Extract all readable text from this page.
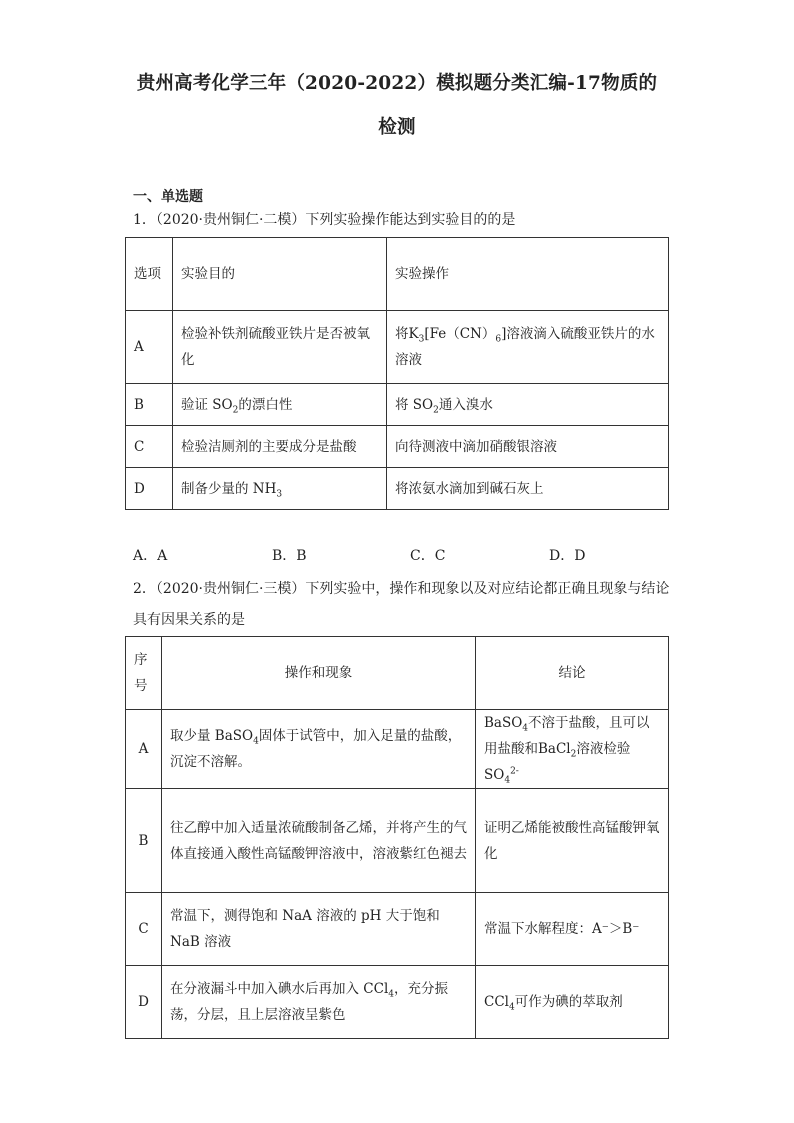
贵州高考化学三年（2020-2022）模拟题分类汇编-17物质的
检测
一、单选题
1．（2020·贵州铜仁·二模）下列实验操作能达到实验目的的是
选项	实验目的	实验操作
A	检验补铁剂硫酸亚铁片是否被氧化	将$K_3[Fe(CN)_6]$溶液滴入硫酸亚铁片的水溶液
B	验证 $SO_2$的漂白性	将 $SO_2$通入溴水
C	检验洁厕剂的主要成分是盐酸	向待测液中滴加硝酸银溶液
D	制备少量的 $NH_3$	将浓氨水滴加到碱石灰上
A．A	B．B	C．C	D．D
2．（2020·贵州铜仁·三模）下列实验中，操作和现象以及对应结论都正确且现象与结论具有因果关系的是
序号	操作和现象	结论
A	取少量 BaSO$_4$固体于试管中，加入足量的盐酸，沉淀不溶解。	BaSO$_4$不溶于盐酸，且可以用盐酸和BaCl$_2$溶液检验 $SO_4^{2-}$
B	往乙醇中加入适量浓硫酸制备乙烯，并将产生的气体直接通入酸性高锰酸钾溶液中，溶液紫红色褪去	证明乙烯能被酸性高锰酸钾氧化
C	常温下，测得饱和 NaA 溶液的 pH 大于饱和 NaB 溶液	常温下水解程度：A⁻＞B⁻
D	在分液漏斗中加入碘水后再加入 CCl$_4$，充分振荡，分层，且上层溶液呈紫色	CCl$_4$可作为碘的萃取剂
